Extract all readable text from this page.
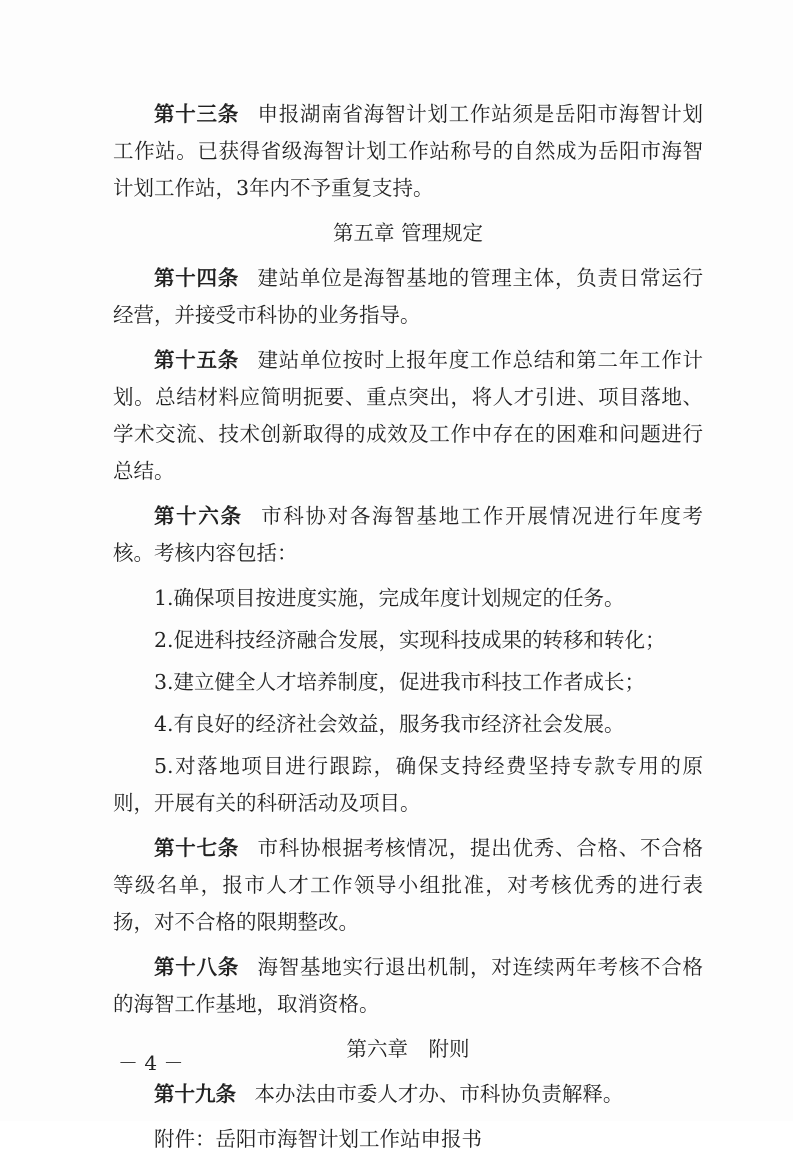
第十三条 申报湖南省海智计划工作站须是岳阳市海智计划工作站。已获得省级海智计划工作站称号的自然成为岳阳市海智计划工作站，3年内不予重复支持。

第五章 管理规定

第十四条 建站单位是海智基地的管理主体，负责日常运行经营，并接受市科协的业务指导。

第十五条 建站单位按时上报年度工作总结和第二年工作计划。总结材料应简明扼要、重点突出，将人才引进、项目落地、学术交流、技术创新取得的成效及工作中存在的困难和问题进行总结。

第十六条 市科协对各海智基地工作开展情况进行年度考核。考核内容包括：

1.确保项目按进度实施，完成年度计划规定的任务。

2.促进科技经济融合发展，实现科技成果的转移和转化；

3.建立健全人才培养制度，促进我市科技工作者成长；

4.有良好的经济社会效益，服务我市经济社会发展。

5.对落地项目进行跟踪，确保支持经费坚持专款专用的原则，开展有关的科研活动及项目。

第十七条 市科协根据考核情况，提出优秀、合格、不合格等级名单，报市人才工作领导小组批准，对考核优秀的进行表扬，对不合格的限期整改。

第十八条 海智基地实行退出机制，对连续两年考核不合格的海智工作基地，取消资格。

第六章　附则

第十九条 本办法由市委人才办、市科协负责解释。

附件：岳阳市海智计划工作站申报书

－ 4 －
